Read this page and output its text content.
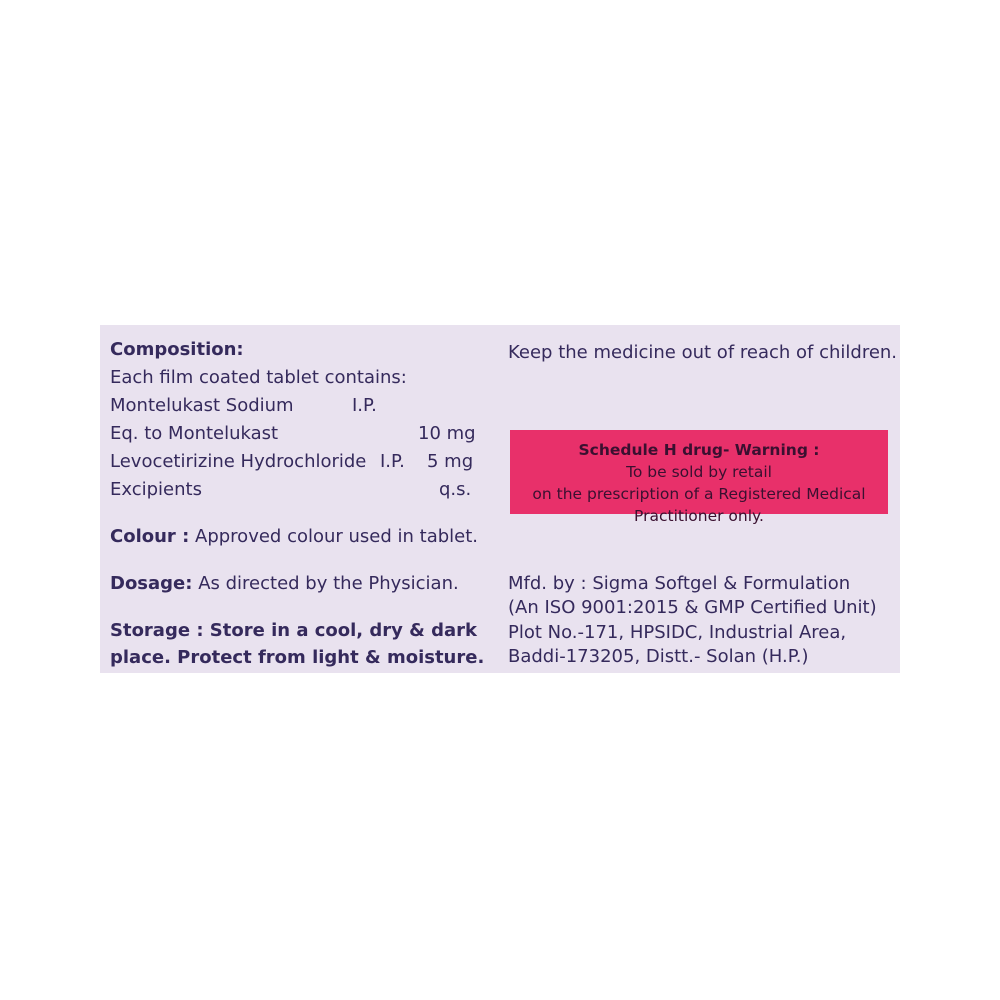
Composition:
Each film coated tablet contains:
Montelukast Sodium	I.P.
Eq. to Montelukast	10 mg
Levocetirizine Hydrochloride I.P. 5 mg
Excipients	q.s.
Colour : Approved colour used in tablet.
Dosage: As directed by the Physician.
Storage : Store in a cool, dry & dark
place. Protect from light & moisture.
Keep the medicine out of reach of children.
Schedule H drug- Warning : To be sold by retail
on the prescription of a Registered Medical
Practitioner only.
Mfd. by : Sigma Softgel & Formulation
(An ISO 9001:2015 & GMP Certified Unit)
Plot No.-171, HPSIDC, Industrial Area,
Baddi-173205, Distt.- Solan (H.P.)
